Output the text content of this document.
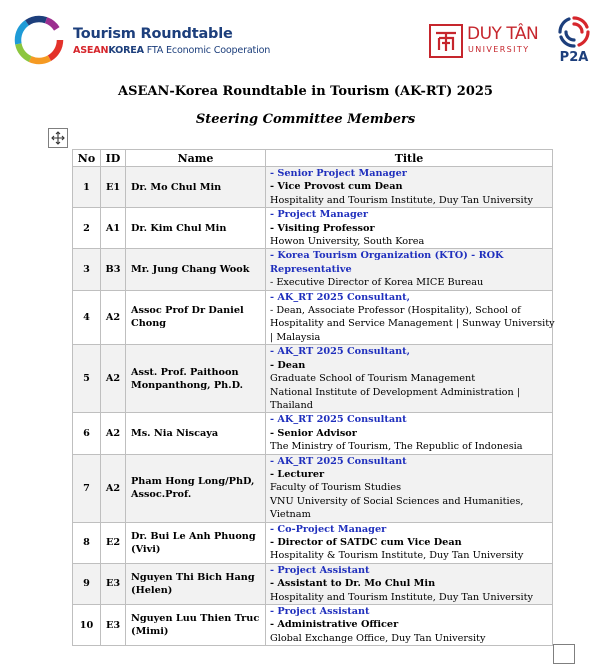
Tourism Roundtable
ASEANKOREA FTA Economic Cooperation
DUY TÂN
UNIVERSITY
P2A
ASEAN-Korea Roundtable in Tourism (AK-RT) 2025
Steering Committee Members
No	ID	Name	Title
1	E1	Dr. Mo Chul Min	- Senior Project Manager
- Vice Provost cum Dean
Hospitality and Tourism Institute, Duy Tan University

2	A1	Dr. Kim Chul Min	- Project Manager
- Visiting Professor
Howon University, South Korea

3	B3	Mr. Jung Chang Wook	- Korea Tourism Organization (KTO) - ROK
Representative
- Executive Director of Korea MICE Bureau

4	A2	Assoc Prof Dr Daniel
Chong	- AK_RT 2025 Consultant,
- Dean, Associate Professor (Hospitality), School of
Hospitality and Service Management | Sunway University
| Malaysia

5	A2	Asst. Prof. Paithoon
Monpanthong, Ph.D.	- AK_RT 2025 Consultant,
- Dean
Graduate School of Tourism Management
National Institute of Development Administration |
Thailand

6	A2	Ms. Nia Niscaya	- AK_RT 2025 Consultant
- Senior Advisor
The Ministry of Tourism, The Republic of Indonesia

7	A2	Pham Hong Long/PhD,
Assoc.Prof.	- AK_RT 2025 Consultant
- Lecturer
Faculty of Tourism Studies
VNU University of Social Sciences and Humanities,
Vietnam

8	E2	Dr. Bui Le Anh Phuong
(Vivi)	- Co-Project Manager
- Director of SATDC cum Vice Dean
Hospitality & Tourism Institute, Duy Tan University

9	E3	Nguyen Thi Bich Hang
(Helen)	- Project Assistant
- Assistant to Dr. Mo Chul Min
Hospitality and Tourism Institute, Duy Tan University

10	E3	Nguyen Luu Thien Truc
(Mimi)	- Project Assistant
- Administrative Officer
Global Exchange Office, Duy Tan University
